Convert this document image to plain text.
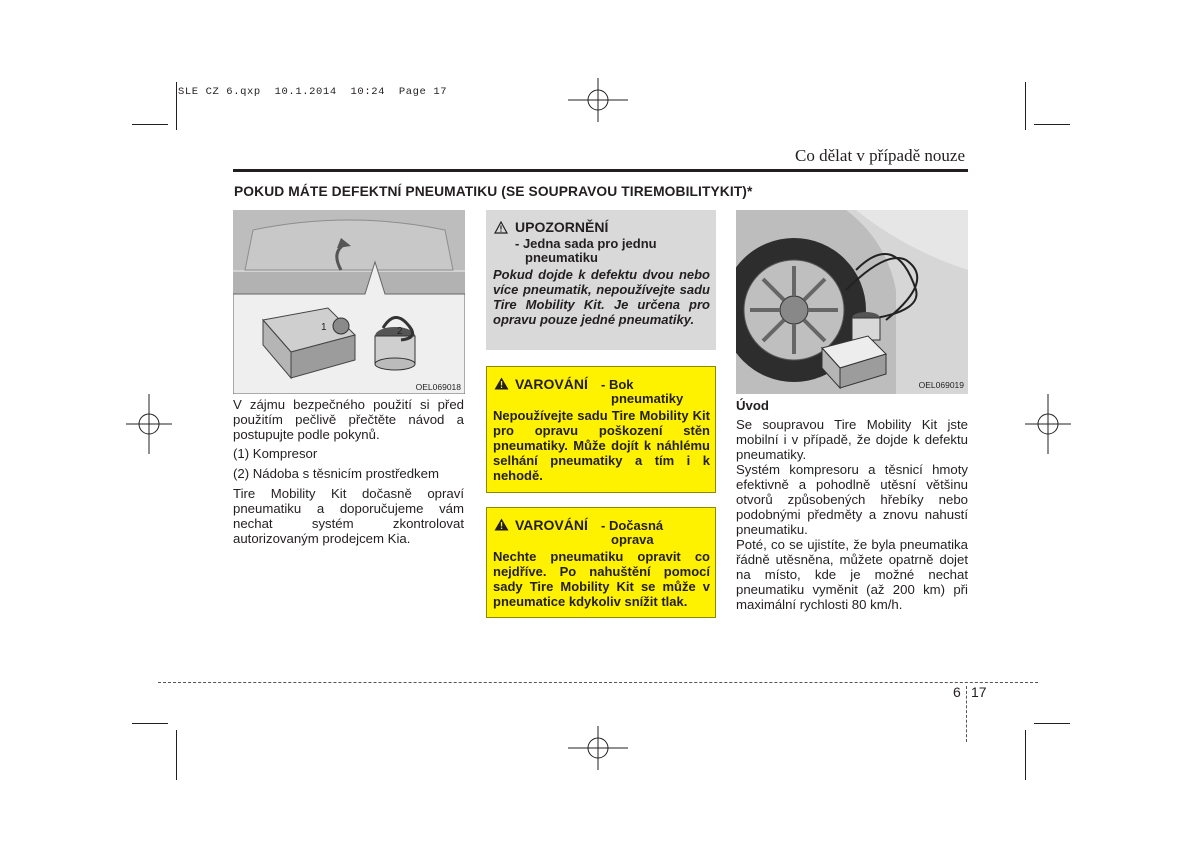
SLE CZ 6.qxp  10.1.2014  10:24  Page 17
Co dělat v případě nouze
POKUD MÁTE DEFEKTNÍ PNEUMATIKU (SE SOUPRAVOU TIREMOBILITYKIT)*
1	2
OEL069018

V zájmu bezpečného použití si před použitím pečlivě přečtěte návod a postupujte podle pokynů.

(1) Kompresor

(2) Nádoba s těsnicím prostředkem

Tire Mobility Kit dočasně opraví pneumatiku a doporučujeme vám nechat systém zkontrolovat autorizovaným prodejcem Kia.

UPOZORNĚNÍ
- Jedna sada pro jednu
pneumatiku
Pokud dojde k defektu dvou nebo více pneumatik, nepoužívejte sadu Tire Mobility Kit. Je určena pro opravu pouze jedné pneumatiky.
VAROVÁNÍ - Bok
pneumatiky
Nepoužívejte sadu Tire Mobility Kit pro opravu poškození stěn pneumatiky. Může dojít k náhlému selhání pneumatiky a tím i k nehodě.
VAROVÁNÍ - Dočasná
oprava
Nechte pneumatiku opravit co nejdříve. Po nahuštění pomocí sady Tire Mobility Kit se může v pneumatice kdykoliv snížit tlak.
OEL069019

Úvod

Se soupravou Tire Mobility Kit jste mobilní i v případě, že dojde k defektu pneumatiky.

Systém kompresoru a těsnicí hmoty efektivně a pohodlně utěsní většinu otvorů způsobených hřebíky nebo podobnými předměty a znovu nahustí pneumatiku.

Poté, co se ujistíte, že byla pneumatika řádně utěsněna, můžete opatrně dojet na místo, kde je možné nechat pneumatiku vyměnit (až 200 km) při maximální rychlosti 80 km/h.

6 17
